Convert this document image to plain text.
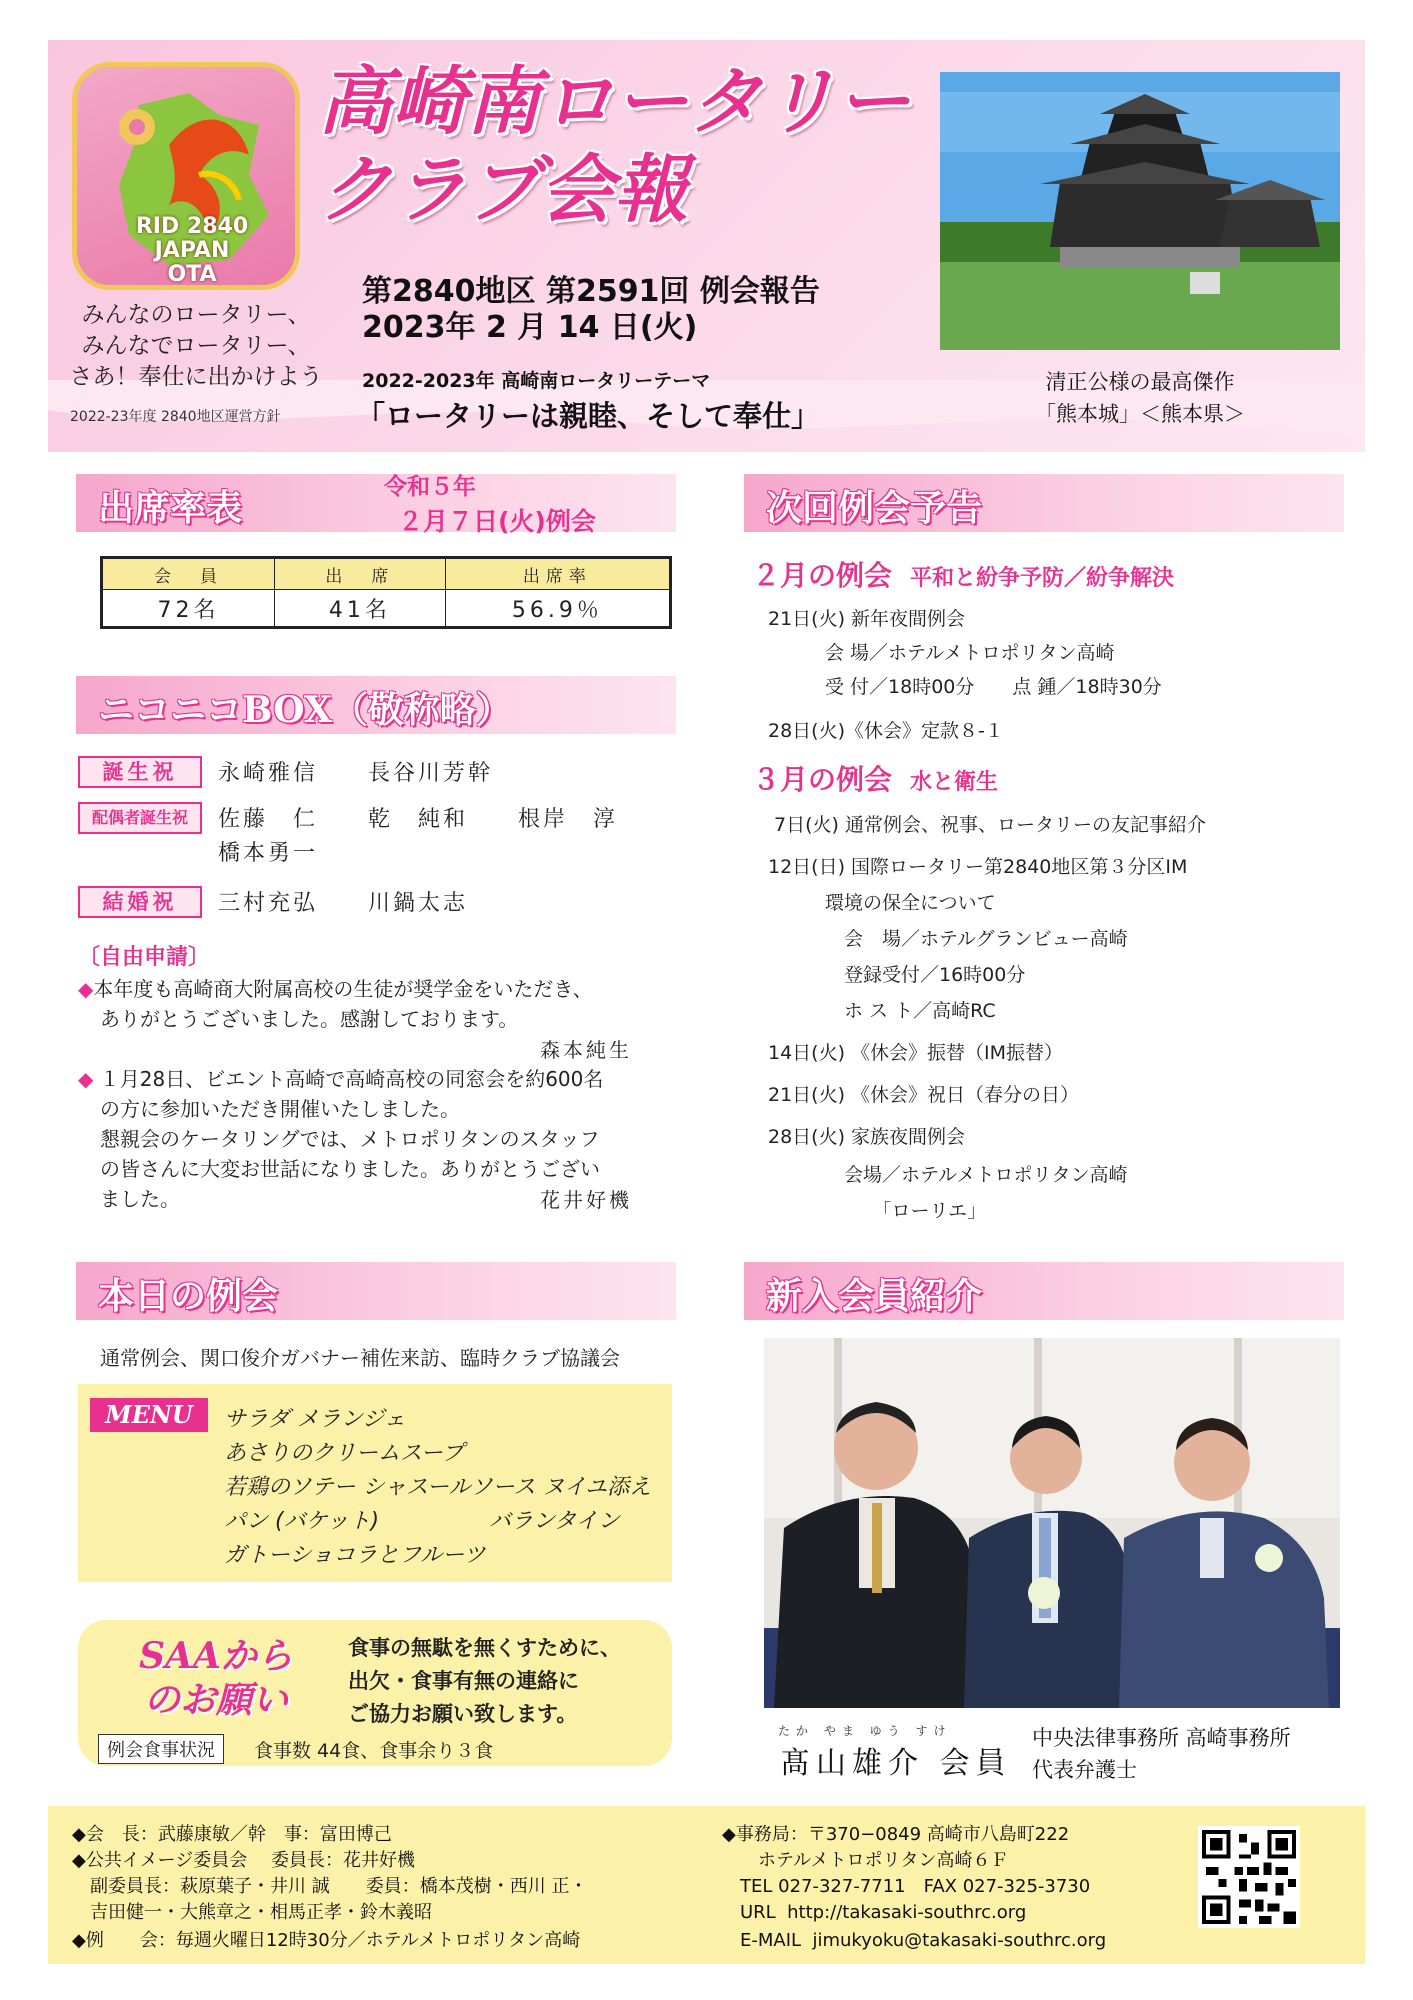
RID 2840
JAPAN
OTA
高崎南ロータリー
クラブ会報
第2840地区 第2591回 例会報告
2023年 2 月 14 日(火)
みんなのロータリー、
みんなでロータリー、
さあ！奉仕に出かけよう
2022-23年度 2840地区運営方針
2022-2023年 高崎南ロータリーテーマ
「ロータリーは親睦、そして奉仕」
清正公様の最高傑作
「熊本城」＜熊本県＞
出席率表	令和５年
２月７日(火)例会
会　員	出　席	出席率
72名	41名	56.9％
ニコニコBOX（敬称略）
誕生祝	永崎雅信　　長谷川芳幹
配偶者誕生祝	佐藤　仁　　乾　純和　　根岸　淳
橋本勇一
結婚祝	三村充弘　　川鍋太志
〔自由申請〕
◆本年度も高崎商大附属高校の生徒が奨学金をいただき、
ありがとうございました。感謝しております。
森本純生
◆ １月28日、ビエント高崎で高崎高校の同窓会を約600名
の方に参加いただき開催いたしました。
懇親会のケータリングでは、メトロポリタンのスタッフ
の皆さんに大変お世話になりました。ありがとうござい
ました。	花井好機
次回例会予告
２月の例会 平和と紛争予防／紛争解決
21日(火) 新年夜間例会
　　　会 場／ホテルメトロポリタン高崎
　　　受 付／18時00分　　点 鍾／18時30分
28日(火)《休会》定款８-１
３月の例会 水と衛生
7日(火) 通常例会、祝事、ロータリーの友記事紹介
12日(日) 国際ロータリー第2840地区第３分区IM
　　　環境の保全について
　　　　会　場／ホテルグランビュー高崎
　　　　登録受付／16時00分
　　　　ホ ス ト／高崎RC
14日(火) 《休会》振替（IM振替）
21日(火) 《休会》祝日（春分の日）
28日(火) 家族夜間例会
　　　　会場／ホテルメトロポリタン高崎
　　　　　　「ローリエ」
本日の例会
通常例会、関口俊介ガバナー補佐来訪、臨時クラブ協議会
MENU	サラダ メランジェ
あさりのクリームスープ
若鶏のソテー シャスールソース ヌイユ添え
パン (バケット)　　　　　バランタイン
ガトーショコラとフルーツ
SAAから
のお願い
食事の無駄を無くすために、
出欠・食事有無の連絡に
ご協力お願い致します。
例会食事状況	食事数 44食、食事余り３食
新入会員紹介
たか やま ゆう すけ
髙山雄介 会員
中央法律事務所 高崎事務所
代表弁護士
◆会　長：武藤康敏／幹　事：富田博己
◆公共イメージ委員会　 委員長：花井好機
　副委員長：萩原葉子・井川 誠　　委員：橋本茂樹・西川 正・
　吉田健一・大熊章之・相馬正孝・鈴木義昭
◆例　　会：毎週火曜日12時30分／ホテルメトロポリタン高崎
◆事務局：〒370−0849 高崎市八島町222
　　ホテルメトロポリタン高崎６Ｆ
　TEL 027-327-7711　FAX 027-325-3730
　URL  http://takasaki-southrc.org
　E-MAIL  jimukyoku@takasaki-southrc.org
